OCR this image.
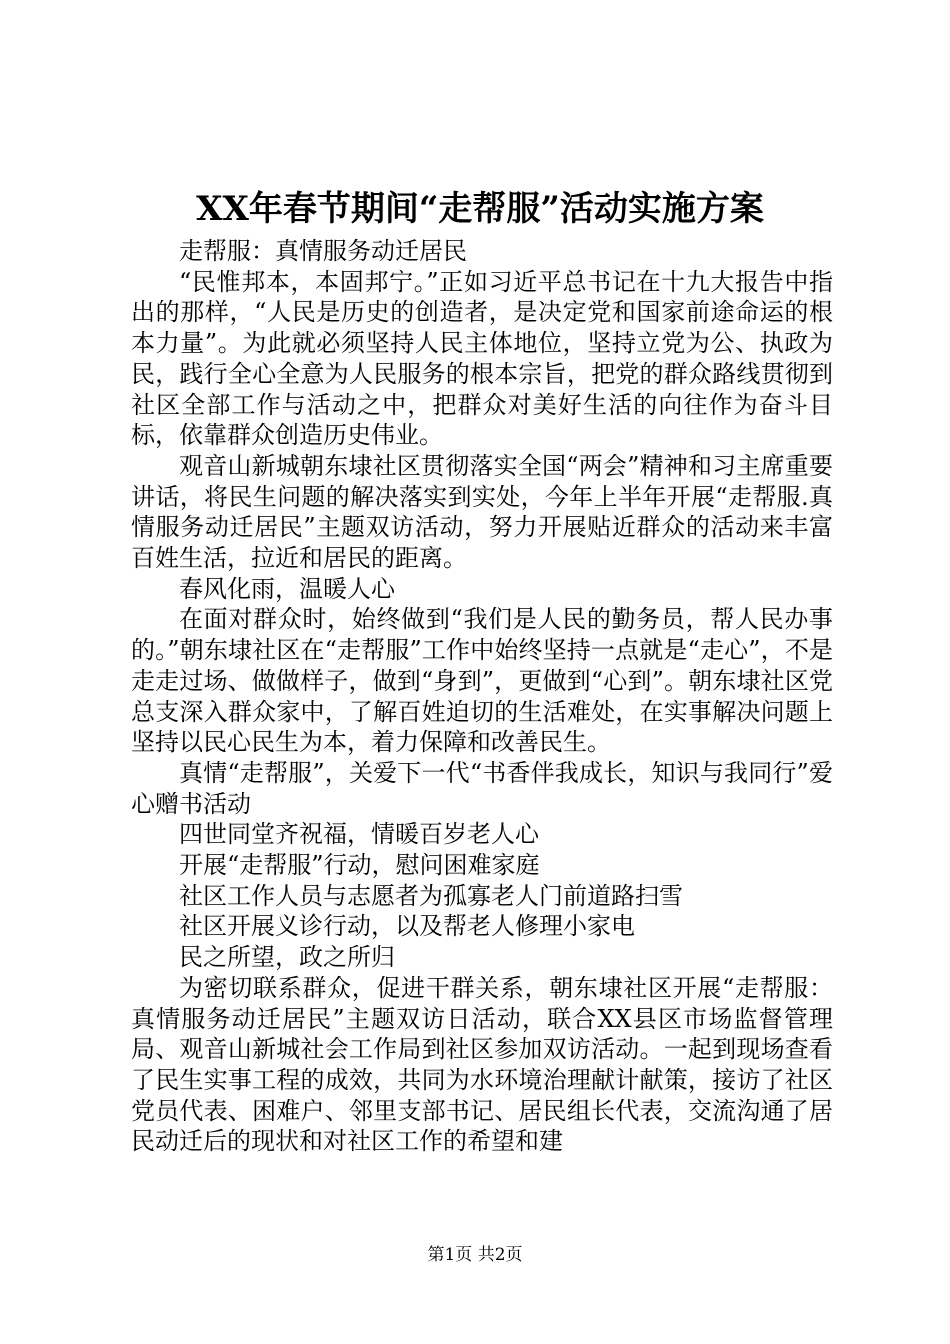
XX年春节期间“走帮服”活动实施方案

走帮服：真情服务动迁居民

“民惟邦本，本固邦宁。”正如习近平总书记在十九大报告中指出的那样，“人民是历史的创造者，是决定党和国家前途命运的根本力量”。为此就必须坚持人民主体地位，坚持立党为公、执政为民，践行全心全意为人民服务的根本宗旨，把党的群众路线贯彻到社区全部工作与活动之中，把群众对美好生活的向往作为奋斗目标，依靠群众创造历史伟业。

观音山新城朝东埭社区贯彻落实全国“两会”精神和习主席重要讲话，将民生问题的解决落实到实处，今年上半年开展“走帮服.真情服务动迁居民”主题双访活动，努力开展贴近群众的活动来丰富百姓生活，拉近和居民的距离。

春风化雨，温暖人心

在面对群众时，始终做到“我们是人民的勤务员，帮人民办事的。”朝东埭社区在“走帮服”工作中始终坚持一点就是“走心”，不是走走过场、做做样子，做到“身到”，更做到“心到”。朝东埭社区党总支深入群众家中，了解百姓迫切的生活难处，在实事解决问题上坚持以民心民生为本，着力保障和改善民生。

真情“走帮服”，关爱下一代“书香伴我成长，知识与我同行”爱心赠书活动

四世同堂齐祝福，情暖百岁老人心

开展“走帮服”行动，慰问困难家庭

社区工作人员与志愿者为孤寡老人门前道路扫雪

社区开展义诊行动，以及帮老人修理小家电

民之所望，政之所归

为密切联系群众，促进干群关系，朝东埭社区开展“走帮服：真情服务动迁居民”主题双访日活动，联合XX县区市场监督管理局、观音山新城社会工作局到社区参加双访活动。一起到现场查看了民生实事工程的成效，共同为水环境治理献计献策，接访了社区党员代表、困难户、邻里支部书记、居民组长代表，交流沟通了居民动迁后的现状和对社区工作的希望和建

第1页 共2页
